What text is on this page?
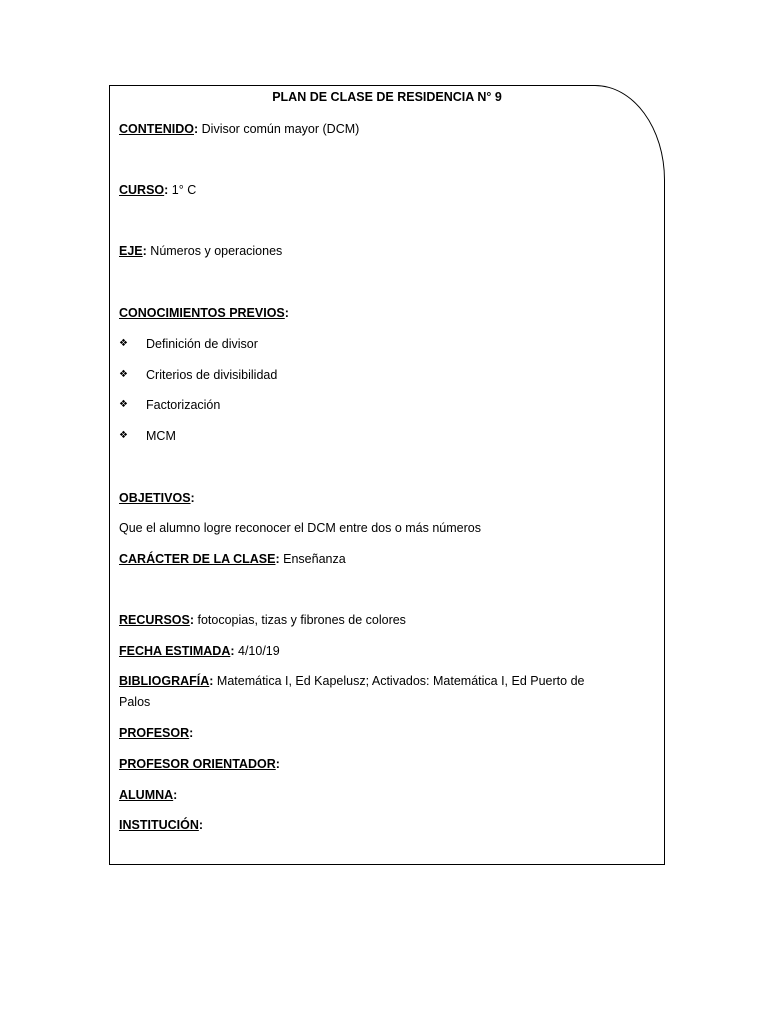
PLAN DE CLASE DE RESIDENCIA N° 9
CONTENIDO: Divisor común mayor (DCM)
CURSO: 1° C
EJE: Números y operaciones
CONOCIMIENTOS PREVIOS:
❖ Definición de divisor
❖ Criterios de divisibilidad
❖ Factorización
❖ MCM
OBJETIVOS:
Que el alumno logre reconocer el DCM entre dos o más números
CARÁCTER DE LA CLASE: Enseñanza
RECURSOS: fotocopias, tizas y fibrones de colores
FECHA ESTIMADA: 4/10/19
BIBLIOGRAFÍA: Matemática I, Ed Kapelusz; Activados: Matemática I, Ed Puerto de
Palos
PROFESOR:
PROFESOR ORIENTADOR:
ALUMNA:
INSTITUCIÓN:
